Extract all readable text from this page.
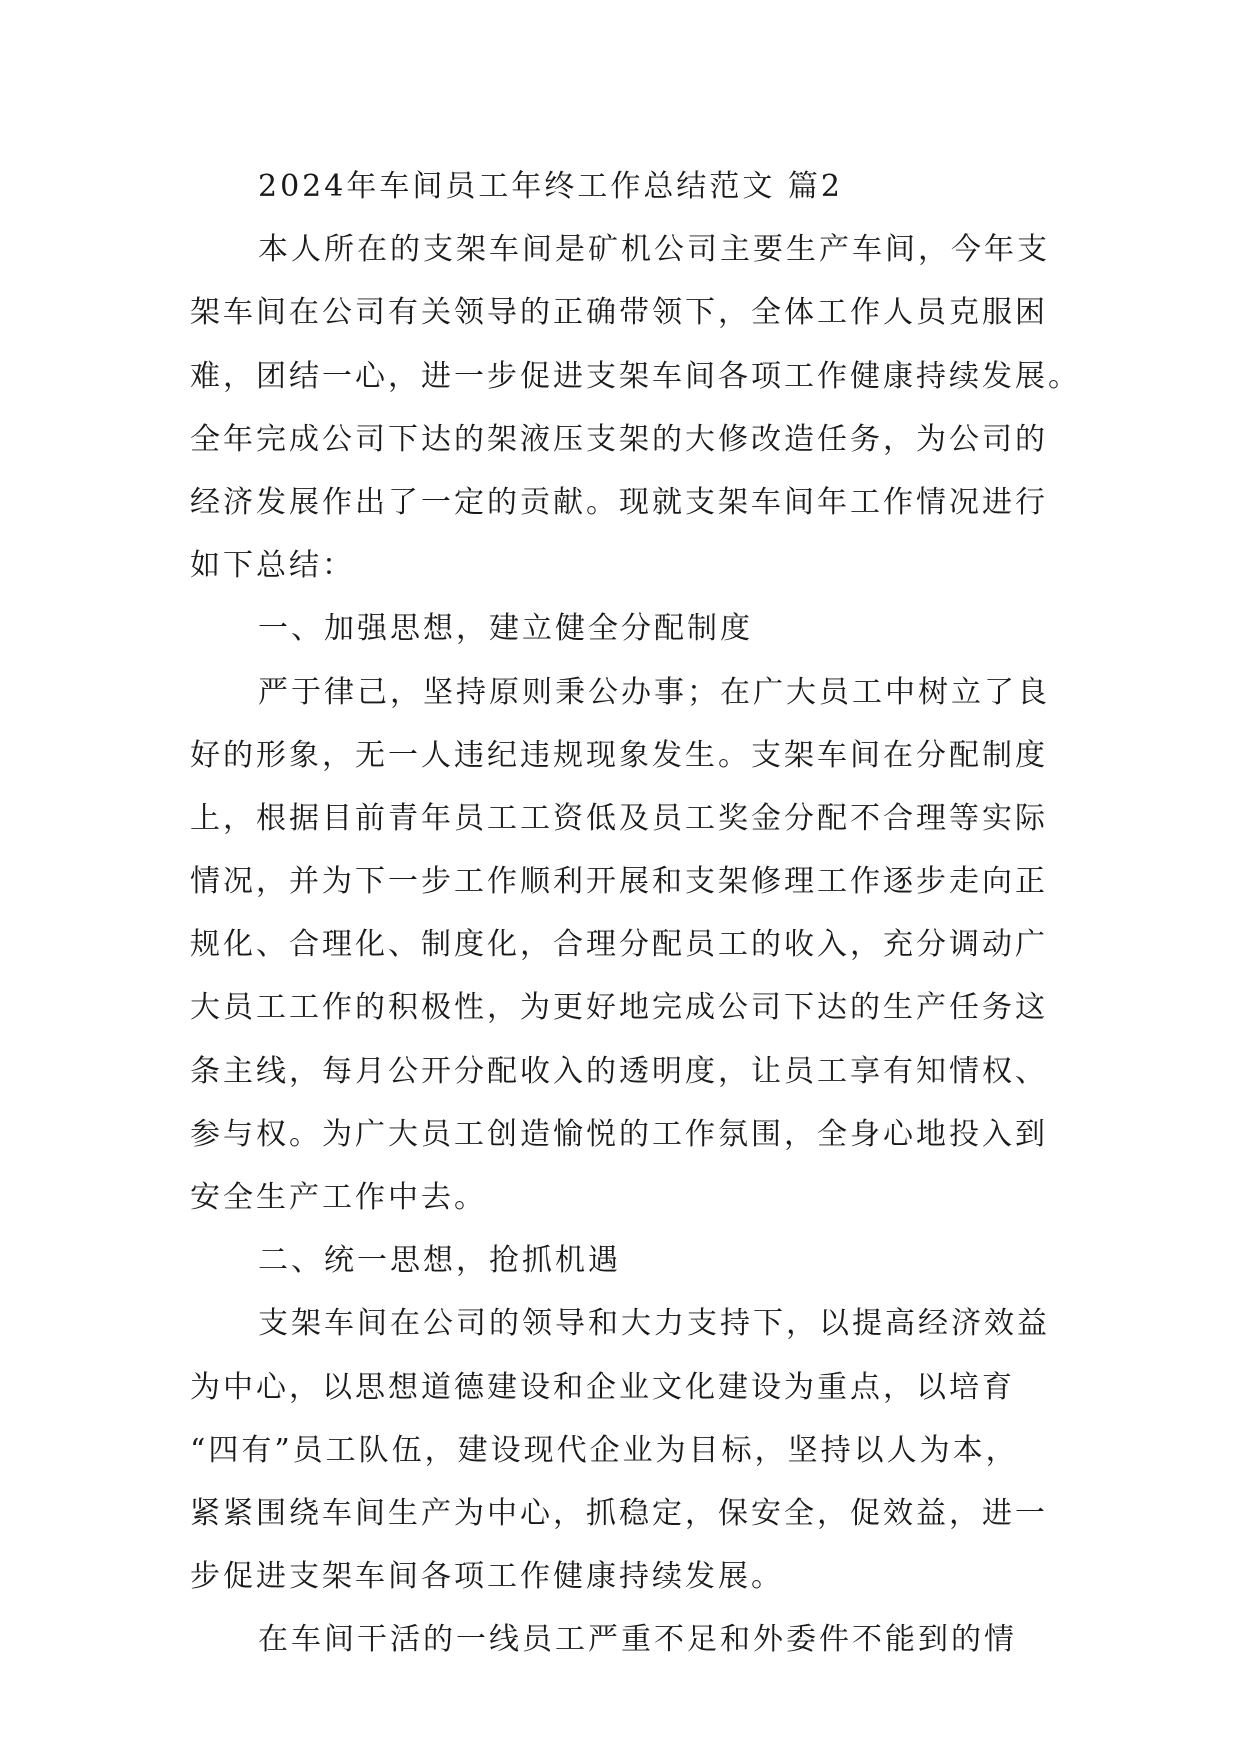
2024年车间员工年终工作总结范文 篇2
本人所在的支架车间是矿机公司主要生产车间，今年支
架车间在公司有关领导的正确带领下，全体工作人员克服困
难，团结一心，进一步促进支架车间各项工作健康持续发展。
全年完成公司下达的架液压支架的大修改造任务，为公司的
经济发展作出了一定的贡献。现就支架车间年工作情况进行
如下总结：
一、加强思想，建立健全分配制度
严于律己，坚持原则秉公办事；在广大员工中树立了良
好的形象，无一人违纪违规现象发生。支架车间在分配制度
上，根据目前青年员工工资低及员工奖金分配不合理等实际
情况，并为下一步工作顺利开展和支架修理工作逐步走向正
规化、合理化、制度化，合理分配员工的收入，充分调动广
大员工工作的积极性，为更好地完成公司下达的生产任务这
条主线，每月公开分配收入的透明度，让员工享有知情权、
参与权。为广大员工创造愉悦的工作氛围，全身心地投入到
安全生产工作中去。
二、统一思想，抢抓机遇
支架车间在公司的领导和大力支持下，以提高经济效益
为中心，以思想道德建设和企业文化建设为重点，以培育
“四有”员工队伍，建设现代企业为目标，坚持以人为本，
紧紧围绕车间生产为中心，抓稳定，保安全，促效益，进一
步促进支架车间各项工作健康持续发展。
在车间干活的一线员工严重不足和外委件不能到的情
